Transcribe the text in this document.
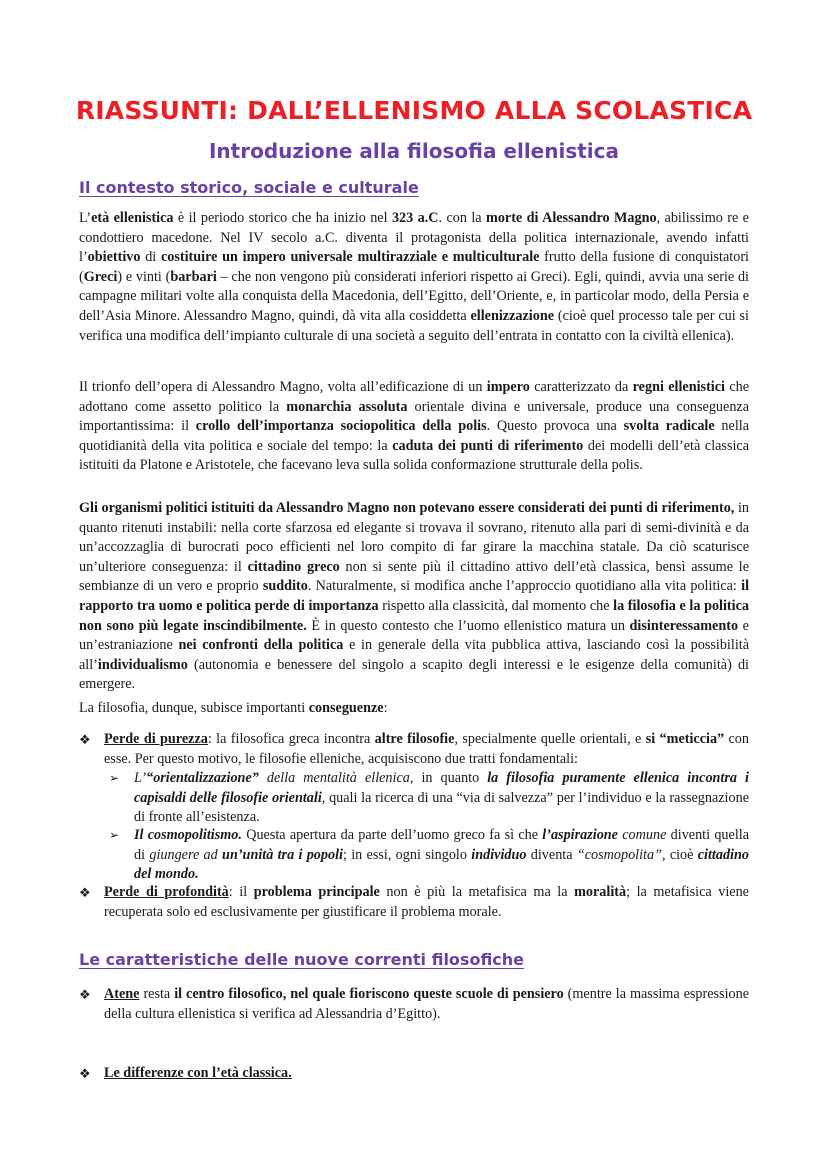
RIASSUNTI: DALL’ELLENISMO ALLA SCOLASTICA
Introduzione alla filosofia ellenistica
Il contesto storico, sociale e culturale

L’età ellenistica è il periodo storico che ha inizio nel 323 a.C. con la morte di Alessandro Magno, abilissimo re e condottiero macedone. Nel IV secolo a.C. diventa il protagonista della politica internazionale, avendo infatti l’obiettivo di costituire un impero universale multirazziale e multiculturale frutto della fusione di conquistatori (Greci) e vinti (barbari – che non vengono più considerati inferiori rispetto ai Greci). Egli, quindi, avvia una serie di campagne militari volte alla conquista della Macedonia, dell’Egitto, dell’Oriente, e, in particolar modo, della Persia e dell’Asia Minore. Alessandro Magno, quindi, dà vita alla cosiddetta ellenizzazione (cioè quel processo tale per cui si verifica una modifica dell’impianto culturale di una società a seguito dell’entrata in contatto con la civiltà ellenica).

Il trionfo dell’opera di Alessandro Magno, volta all’edificazione di un impero caratterizzato da regni ellenistici che adottano come assetto politico la monarchia assoluta orientale divina e universale, produce una conseguenza importantissima: il crollo dell’importanza sociopolitica della polis. Questo provoca una svolta radicale nella quotidianità della vita politica e sociale del tempo: la caduta dei punti di riferimento dei modelli dell’età classica istituiti da Platone e Aristotele, che facevano leva sulla solida conformazione strutturale della polis.

Gli organismi politici istituiti da Alessandro Magno non potevano essere considerati dei punti di riferimento, in quanto ritenuti instabili: nella corte sfarzosa ed elegante si trovava il sovrano, ritenuto alla pari di semi-divinità e da un’accozzaglia di burocrati poco efficienti nel loro compito di far girare la macchina statale. Da ciò scaturisce un’ulteriore conseguenza: il cittadino greco non si sente più il cittadino attivo dell’età classica, bensì assume le sembianze di un vero e proprio suddito. Naturalmente, si modifica anche l’approccio quotidiano alla vita politica: il rapporto tra uomo e politica perde di importanza rispetto alla classicità, dal momento che la filosofia e la politica non sono più legate inscindibilmente. È in questo contesto che l’uomo ellenistico matura un disinteressamento e un’estraniazione nei confronti della politica e in generale della vita pubblica attiva, lasciando così la possibilità all’individualismo (autonomia e benessere del singolo a scapito degli interessi e le esigenze della comunità) di emergere.

La filosofia, dunque, subisce importanti conseguenze:

❖ Perde di purezza: la filosofica greca incontra altre filosofie, specialmente quelle orientali, e si “meticcia” con esse. Per questo motivo, le filosofie elleniche, acquisiscono due tratti fondamentali:
➢	L’“orientalizzazione” della mentalità ellenica, in quanto la filosofia puramente ellenica incontra i capisaldi delle filosofie orientali, quali la ricerca di una “via di salvezza” per l’individuo e la rassegnazione di fronte all’esistenza.
➢	Il cosmopolitismo. Questa apertura da parte dell’uomo greco fa sì che l’aspirazione comune diventi quella di giungere ad un’unità tra i popoli; in essi, ogni singolo individuo diventa “cosmopolita”, cioè cittadino del mondo.
❖ Perde di profondità: il problema principale non è più la metafisica ma la moralità; la metafisica viene recuperata solo ed esclusivamente per giustificare il problema morale.
Le caratteristiche delle nuove correnti filosofiche
❖ Atene resta il centro filosofico, nel quale fioriscono queste scuole di pensiero (mentre la massima espressione della cultura ellenistica si verifica ad Alessandria d’Egitto).
❖ Le differenze con l’età classica.
